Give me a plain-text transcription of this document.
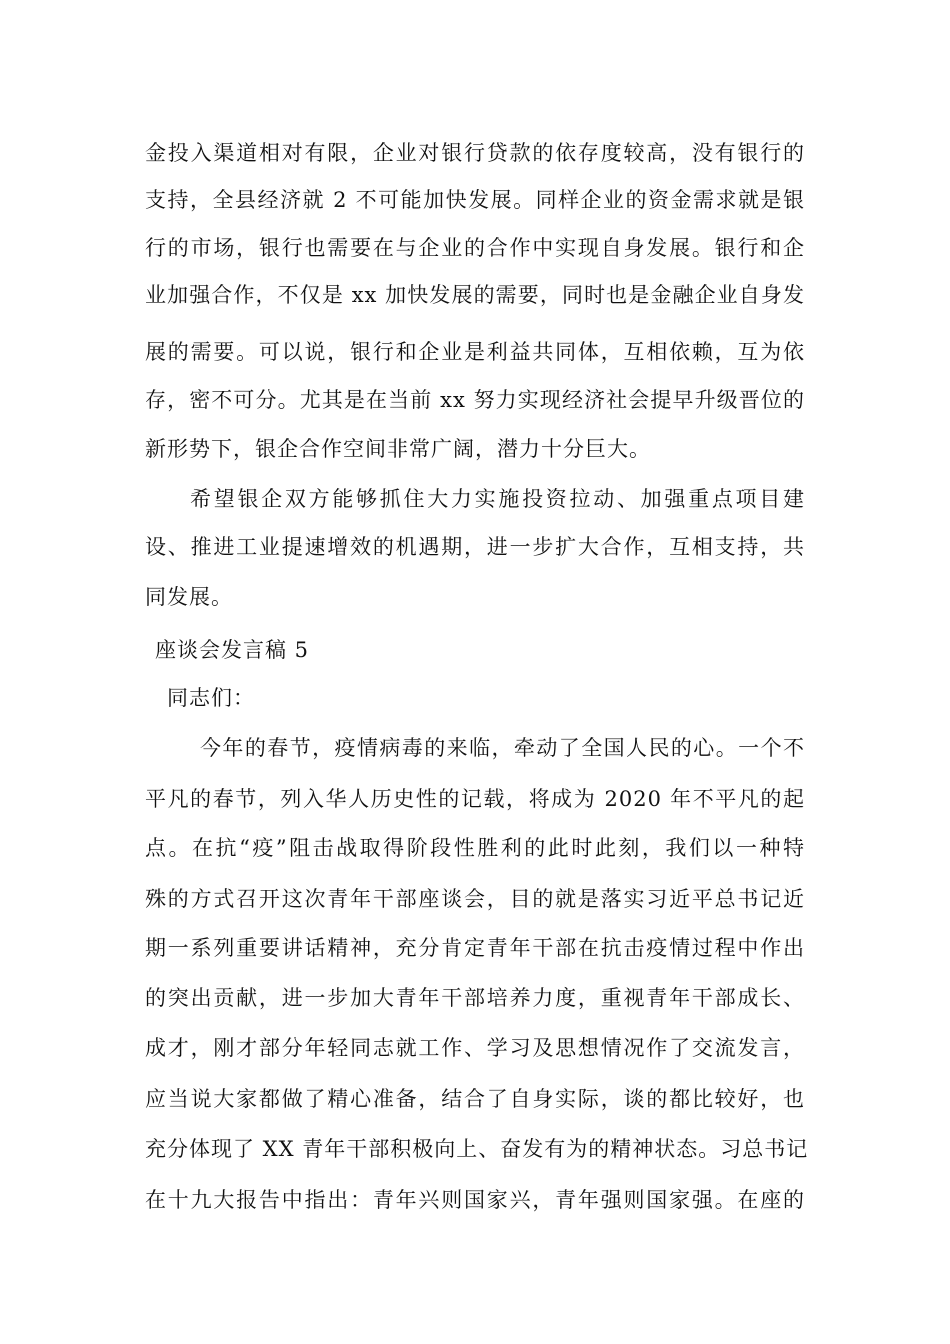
金投入渠道相对有限，企业对银行贷款的依存度较高，没有银行的
支持，全县经济就 2 不可能加快发展。同样企业的资金需求就是银
行的市场，银行也需要在与企业的合作中实现自身发展。银行和企
业加强合作，不仅是 xx 加快发展的需要，同时也是金融企业自身发
展的需要。可以说，银行和企业是利益共同体，互相依赖，互为依
存，密不可分。尤其是在当前 xx 努力实现经济社会提早升级晋位的
新形势下，银企合作空间非常广阔，潜力十分巨大。
希望银企双方能够抓住大力实施投资拉动、加强重点项目建
设、推进工业提速增效的机遇期，进一步扩大合作，互相支持，共
同发展。
座谈会发言稿 5
同志们：
今年的春节，疫情病毒的来临，牵动了全国人民的心。一个不
平凡的春节，列入华人历史性的记载，将成为 2020 年不平凡的起
点。在抗“疫”阻击战取得阶段性胜利的此时此刻，我们以一种特
殊的方式召开这次青年干部座谈会，目的就是落实习近平总书记近
期一系列重要讲话精神，充分肯定青年干部在抗击疫情过程中作出
的突出贡献，进一步加大青年干部培养力度，重视青年干部成长、
成才，刚才部分年轻同志就工作、学习及思想情况作了交流发言，
应当说大家都做了精心准备，结合了自身实际，谈的都比较好，也
充分体现了 XX 青年干部积极向上、奋发有为的精神状态。习总书记
在十九大报告中指出：青年兴则国家兴，青年强则国家强。在座的
